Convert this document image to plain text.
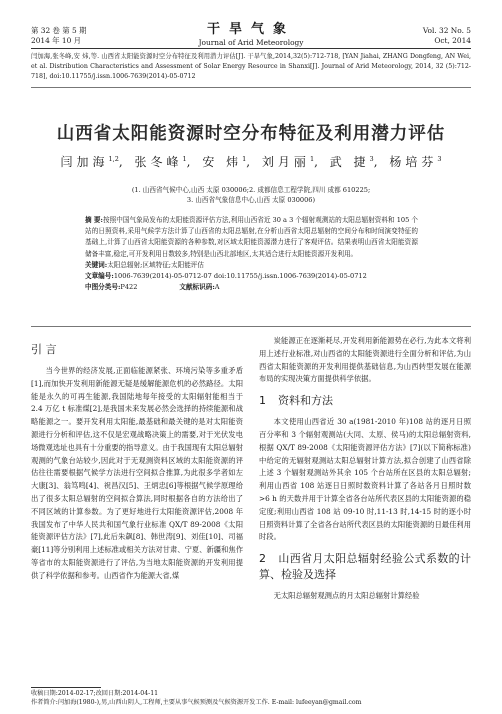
第 32 卷 第 5 期
2014 年 10 月
干旱气象
Journal of Arid Meteorology
Vol. 32 No. 5
Oct, 2014
闫加海,张冬峰,安 炜,等. 山西省太阳能资源时空分布特征及利用潜力评估[J]. 干旱气象,2014,32(5):712-718, [YAN Jiahai, ZHANG Dongfeng, AN Wei, et al. Distribution Characteristics and Assessment of Solar Energy Resource in Shanxi[J]. Journal of Arid Meteorology, 2014, 32 (5):712-718], doi:10.11755/j.issn.1006-7639(2014)-05-0712
山西省太阳能资源时空分布特征及利用潜力评估
闫加海$^{1,2}$, 张冬峰$^1$, 安 炜$^1$, 刘月丽$^1$, 武 捷$^3$, 杨培芬$^3$
(1. 山西省气候中心,山西 太原 030006;2. 成都信息工程学院,四川 成都 610225;
3. 山西省气象信息中心,山西 太原 030006)
摘 要:按照中国气象局发布的太阳能资源评估方法,利用山西省近 30 a 3 个辐射观测站的太阳总辐射资料和 105 个站的日照资料,采用气候学方法计算了山西省的太阳总辐射,在分析山西省太阳总辐射的空间分布和时间演变特征的基础上,计算了山西省太阳能资源的各种参数,对区域太阳能资源潜力进行了客观评估。结果表明山西省太阳能资源储备丰富,稳定,可开发利用日数较多,特别是山西北部地区,太其适合进行太阳能资源开发利用。
关键词:太阳总辐射;区域特征;太阳能评估
文章编号:1006-7639(2014)-05-0712-07 doi:10.11755/j.issn.1006-7639(2014)-05-0712
中图分类号:P422	文献标识码:A
引 言

当今世界的经济发展,正面临能源紧张、环境污染等多重矛盾[1],而加快开发利用新能源无疑是缓解能源危机的必然路径。太阳能是永久的可再生能源,我国陆地每年接受的太阳辐射能相当于 2.4 万亿 t 标准煤[2],是我国未来发展必然会选择的持续能源和战略能源之一。要开发利用太阳能,最基础和最关键的是对太阳能资源进行分析和评估,这不仅是宏观战略决策上的需要,对于光伏发电场微观选址也具有十分重要的指导意义。由于我国现有太阳总辐射观测的气象台站较少,因此对于无观测资料区域的太阳能资源的评估往往需要根据气候学方法进行空间拟合推算,为此很多学者如左大康[3]、翁笃鸣[4]、祝昌汉[5]、王炳忠[6]等根据气候学原理给出了很多太阳总辐射的空间拟合算法,同时根据各自的方法给出了不同区域的计算参数。为了更好地进行太阳能资源评估,2008 年我国发布了中华人民共和国气象行业标准 QX/T 89-2008《太阳能资源评估方法》[7],此后朱飙[8]、韩世涛[9]、刘佳[10]、司福豪[11]等分别利用上述标准或相关方法对甘肃、宁夏、新疆和焦作等省市的太阳能资源进行了评估,为当地太阳能资源的开发利用提供了科学依据和参考。山西省作为能源大省,煤

炭能源正在逐渐耗尽,开发利用新能源势在必行,为此本文将利用上述行业标准,对山西省的太阳能资源进行全面分析和评估,为山西省太阳能资源的开发利用提供基础信息,为山西转型发展在能源布局的实现决策方面提供科学依据。

1 资料和方法

本文使用山西省近 30 a(1981-2010 年)108 站的逐月日照百分率和 3 个辐射观测站(大同、太原、侯马)的太阳总辐射资料,根据 QX/T 89-2008《太阳能资源评估方法》[7](以下简称标准)中给定的无辐射观测站太阳总辐射计算方法,拟合创建了山西省除上述 3 个辐射观测站外其余 105 个台站所在区县的太阳总辐射;利用山西省 108 站逐日日照时数资料计算了各站各月日照时数 >6 h 的天数并用于计算全省各台站所代表区县的太阳能资源的稳定度;利用山西省 108 站 09-10 时,11-13 时,14-15 时的逐小时日照资料计算了全省各台站所代表区县的太阳能资源的日最佳利用时段。

2 山西省月太阳总辐射经验公式系数的计算、检验及选择

无太阳总辐射观测点的月太阳总辐射计算经验

收稿日期:2014-02-17;改回日期:2014-04-11
作者简介:闫加海(1980-),男,山西山阴人,工程师,主要从事气候预测及气候资源开发工作. E-mail: lufeeyan@gmail.com
